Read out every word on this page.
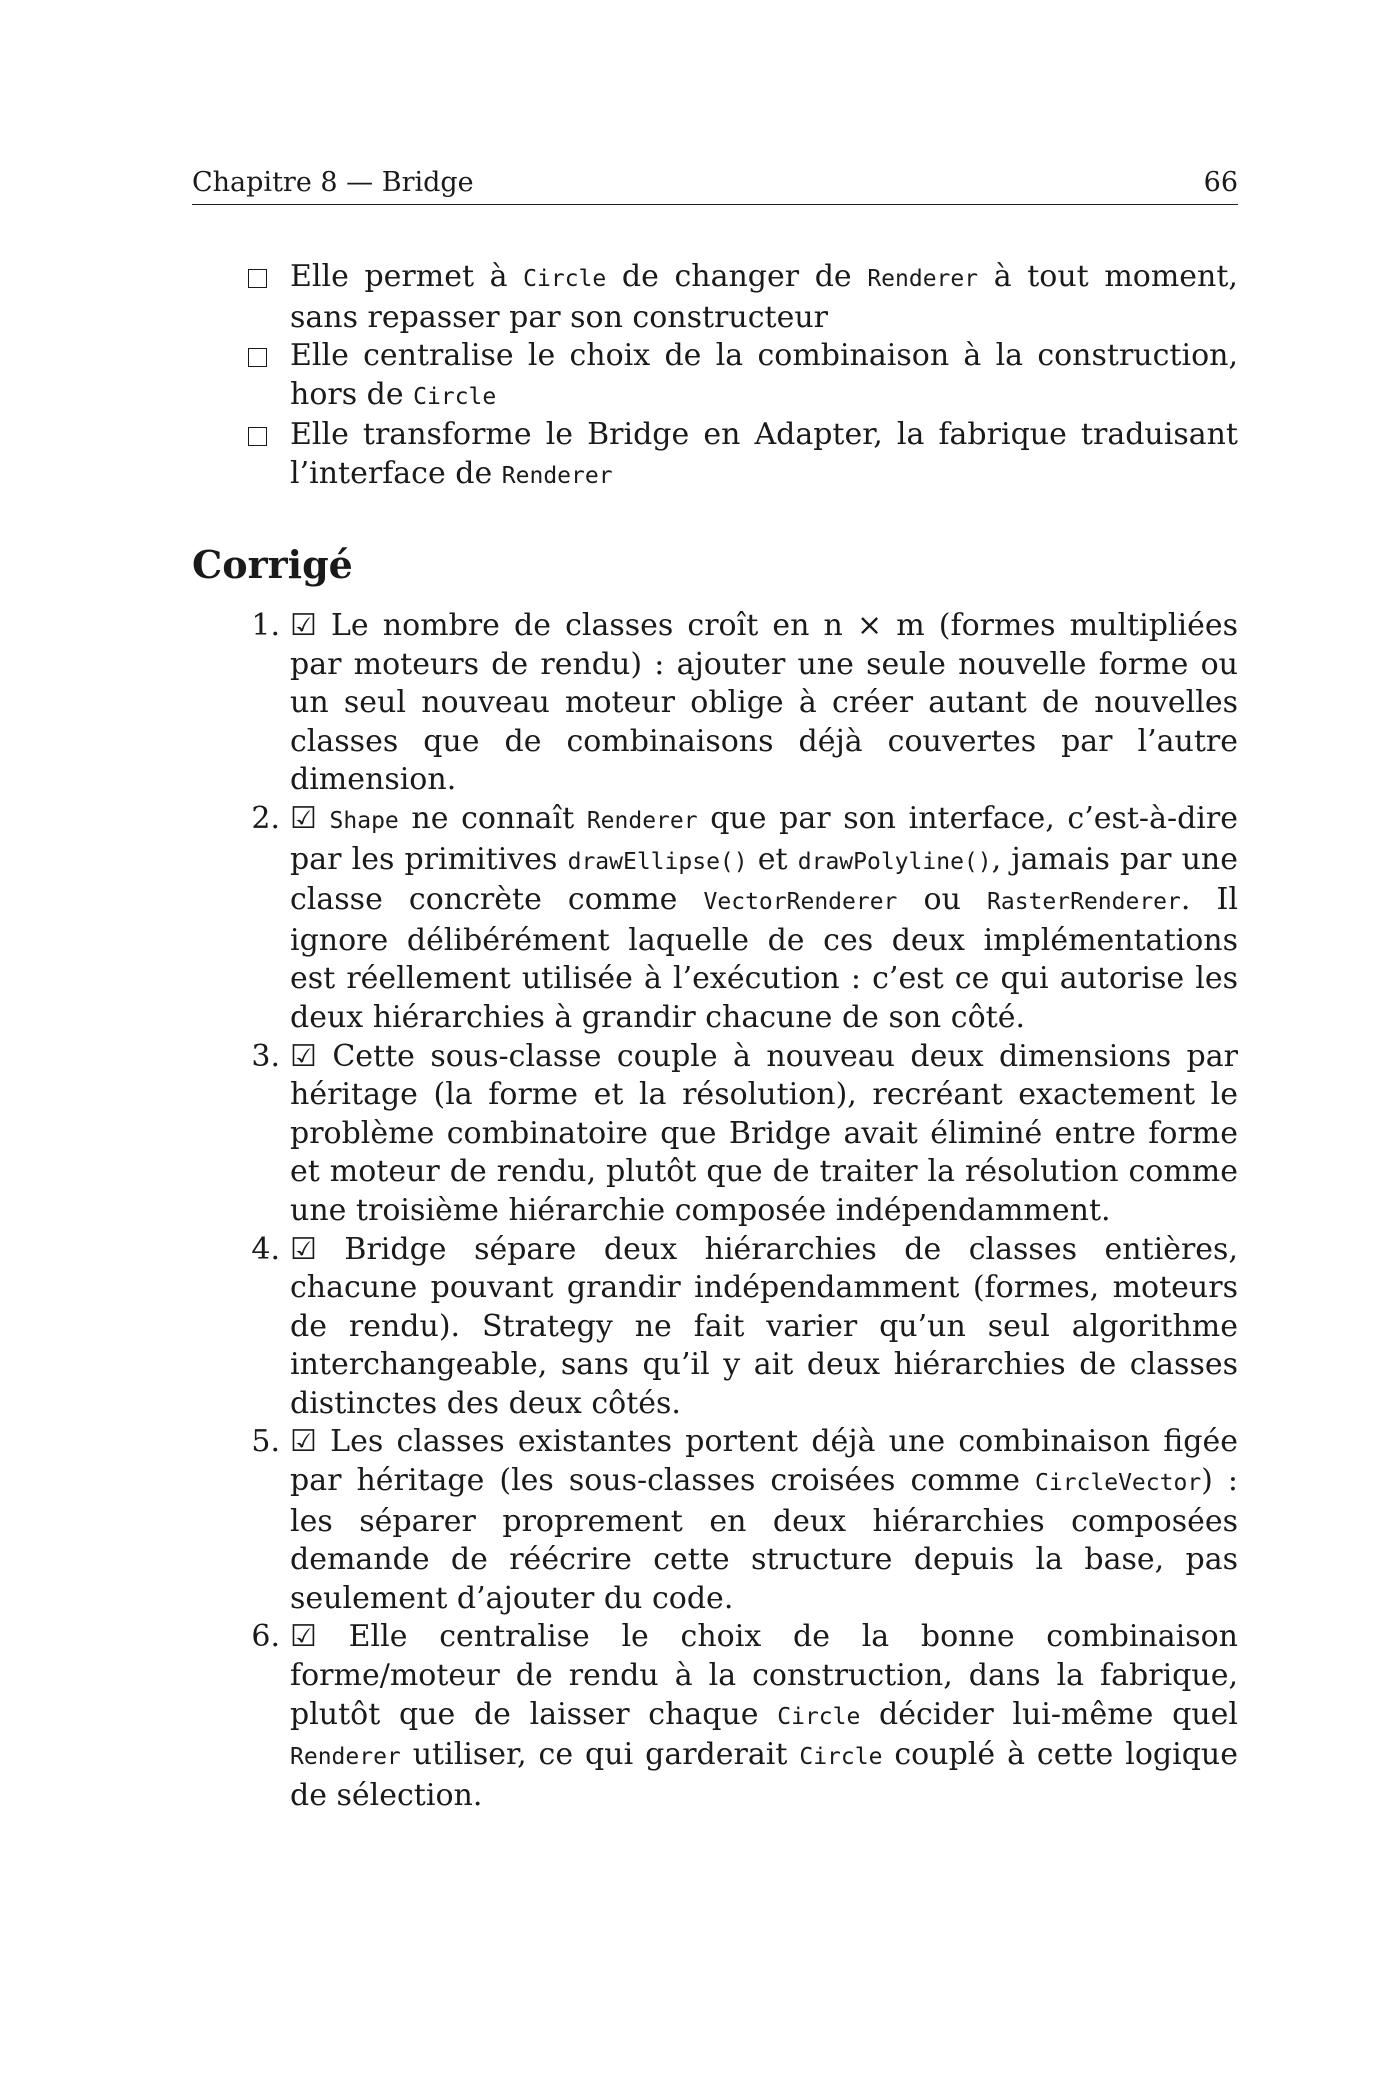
Chapitre 8 — Bridge	66
Elle permet à Circle de changer de Renderer à tout moment, sans repasser par son constructeur
Elle centralise le choix de la combinaison à la construction, hors de Circle
Elle transforme le Bridge en Adapter, la fabrique traduisant l’interface de Renderer
Corrigé
1. ☑ Le nombre de classes croît en n × m (formes multipliées par moteurs de rendu) : ajouter une seule nouvelle forme ou un seul nouveau moteur oblige à créer autant de nouvelles classes que de combinaisons déjà couvertes par l’autre dimension.
2. ☑ Shape ne connaît Renderer que par son interface, c’est-à-dire par les primitives drawEllipse() et drawPolyline(), jamais par une classe concrète comme VectorRenderer ou RasterRenderer. Il ignore délibérément laquelle de ces deux implémentations est réellement utilisée à l’exécution : c’est ce qui autorise les deux hiérarchies à grandir chacune de son côté.
3. ☑ Cette sous-classe couple à nouveau deux dimensions par héritage (la forme et la résolution), recréant exactement le problème combinatoire que Bridge avait éliminé entre forme et moteur de rendu, plutôt que de traiter la résolution comme une troisième hiérarchie composée indépendamment.
4. ☑ Bridge sépare deux hiérarchies de classes entières, chacune pouvant grandir indépendamment (formes, moteurs de rendu). Strategy ne fait varier qu’un seul algorithme interchangeable, sans qu’il y ait deux hiérarchies de classes distinctes des deux côtés.
5. ☑ Les classes existantes portent déjà une combinaison figée par héritage (les sous-classes croisées comme CircleVector) : les séparer proprement en deux hiérarchies composées demande de réécrire cette structure depuis la base, pas seulement d’ajouter du code.
6. ☑ Elle centralise le choix de la bonne combinaison forme/moteur de rendu à la construction, dans la fabrique, plutôt que de laisser chaque Circle décider lui-même quel Renderer utiliser, ce qui garderait Circle couplé à cette logique de sélection.
